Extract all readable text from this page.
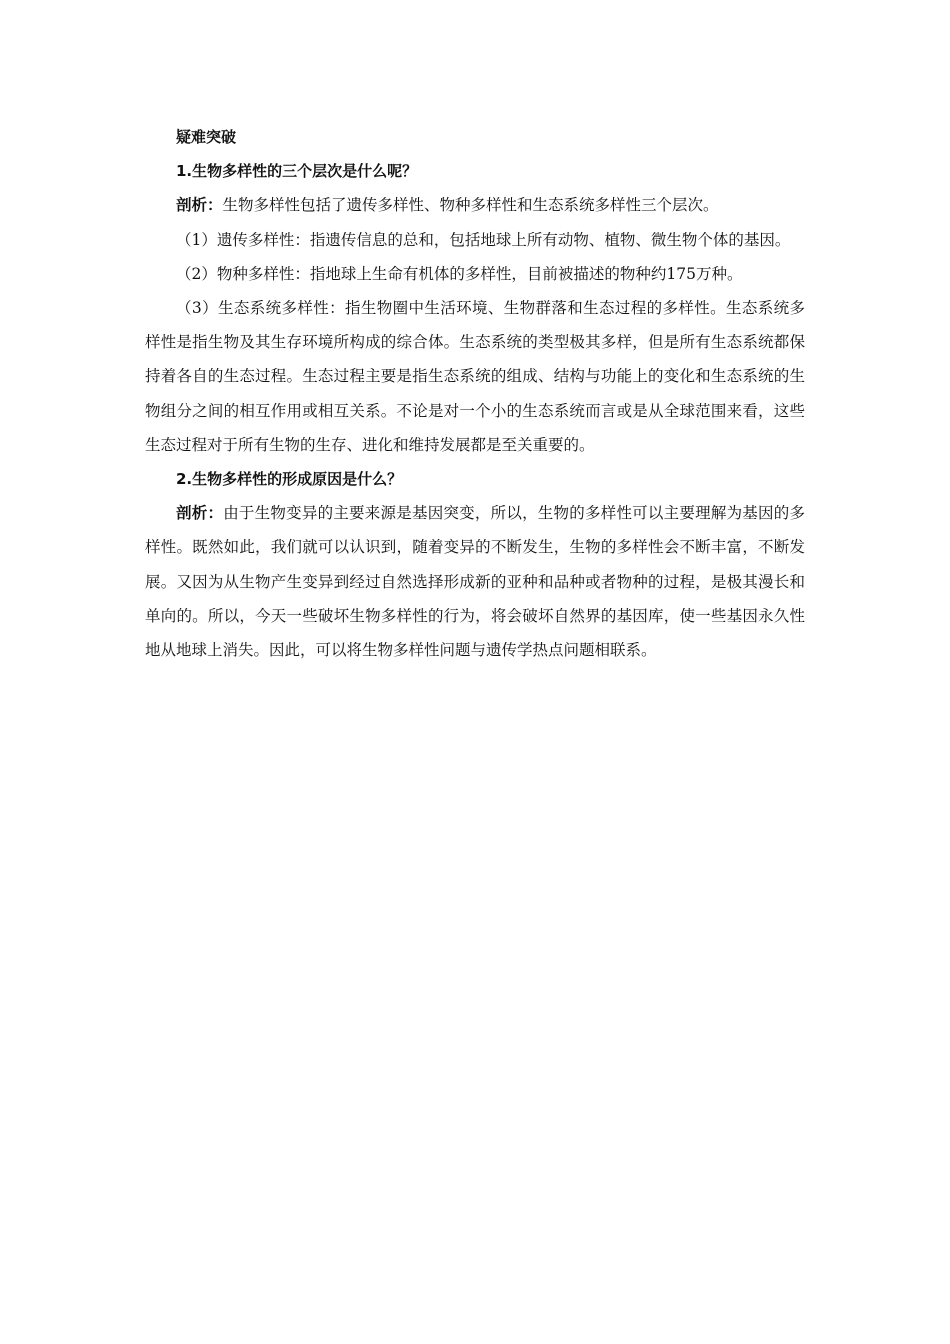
疑难突破

1.生物多样性的三个层次是什么呢？

剖析：生物多样性包括了遗传多样性、物种多样性和生态系统多样性三个层次。

（1）遗传多样性：指遗传信息的总和，包括地球上所有动物、植物、微生物个体的基因。

（2）物种多样性：指地球上生命有机体的多样性，目前被描述的物种约175万种。

（3）生态系统多样性：指生物圈中生活环境、生物群落和生态过程的多样性。生态系统多样性是指生物及其生存环境所构成的综合体。生态系统的类型极其多样，但是所有生态系统都保持着各自的生态过程。生态过程主要是指生态系统的组成、结构与功能上的变化和生态系统的生物组分之间的相互作用或相互关系。不论是对一个小的生态系统而言或是从全球范围来看，这些生态过程对于所有生物的生存、进化和维持发展都是至关重要的。

2.生物多样性的形成原因是什么？

剖析：由于生物变异的主要来源是基因突变，所以，生物的多样性可以主要理解为基因的多样性。既然如此，我们就可以认识到，随着变异的不断发生，生物的多样性会不断丰富，不断发展。又因为从生物产生变异到经过自然选择形成新的亚种和品种或者物种的过程，是极其漫长和单向的。所以，今天一些破坏生物多样性的行为，将会破坏自然界的基因库，使一些基因永久性地从地球上消失。因此，可以将生物多样性问题与遗传学热点问题相联系。
